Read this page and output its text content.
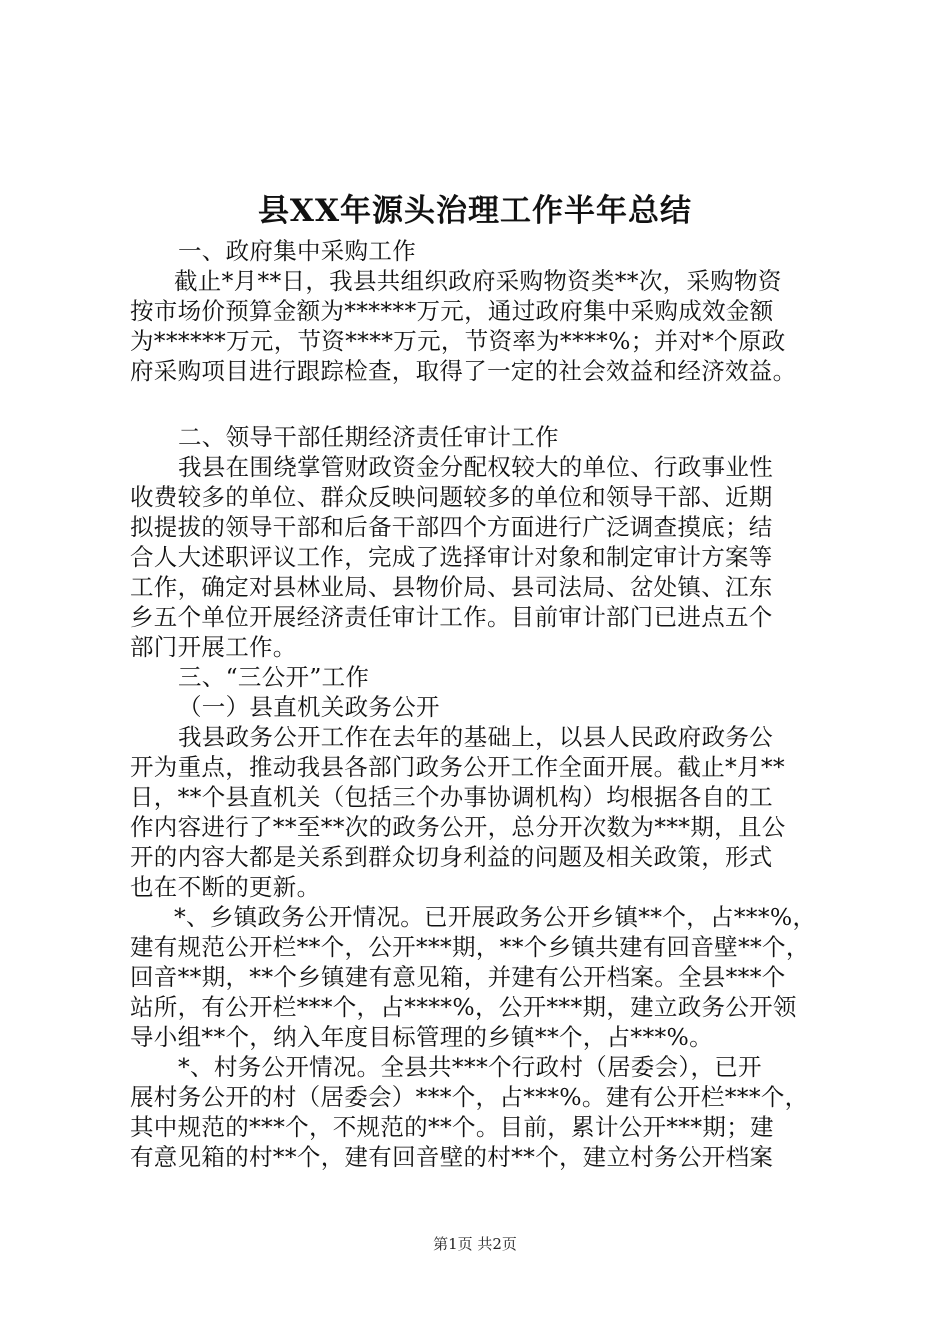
县XX年源头治理工作半年总结

一、政府集中采购工作

截止*月**日，我县共组织政府采购物资类**次，采购物资

按市场价预算金额为******万元，通过政府集中采购成效金额

为******万元，节资****万元，节资率为****%；并对*个原政

府采购项目进行跟踪检查，取得了一定的社会效益和经济效益。

二、领导干部任期经济责任审计工作

我县在围绕掌管财政资金分配权较大的单位、行政事业性

收费较多的单位、群众反映问题较多的单位和领导干部、近期

拟提拔的领导干部和后备干部四个方面进行广泛调查摸底；结

合人大述职评议工作，完成了选择审计对象和制定审计方案等

工作，确定对县林业局、县物价局、县司法局、岔处镇、江东

乡五个单位开展经济责任审计工作。目前审计部门已进点五个

部门开展工作。

三、“三公开”工作

（一）县直机关政务公开

我县政务公开工作在去年的基础上，以县人民政府政务公

开为重点，推动我县各部门政务公开工作全面开展。截止*月**

日，**个县直机关（包括三个办事协调机构）均根据各自的工

作内容进行了**至**次的政务公开，总分开次数为***期，且公

开的内容大都是关系到群众切身利益的问题及相关政策，形式

也在不断的更新。

*、乡镇政务公开情况。已开展政务公开乡镇**个，占***%，

建有规范公开栏**个，公开***期，**个乡镇共建有回音壁**个，

回音**期，**个乡镇建有意见箱，并建有公开档案。全县***个

站所，有公开栏***个，占****%，公开***期，建立政务公开领

导小组**个，纳入年度目标管理的乡镇**个，占***%。

*、村务公开情况。全县共***个行政村（居委会），已开

展村务公开的村（居委会）***个，占***%。建有公开栏***个，

其中规范的***个，不规范的**个。目前，累计公开***期；建

有意见箱的村**个，建有回音壁的村**个，建立村务公开档案

第1页 共2页
